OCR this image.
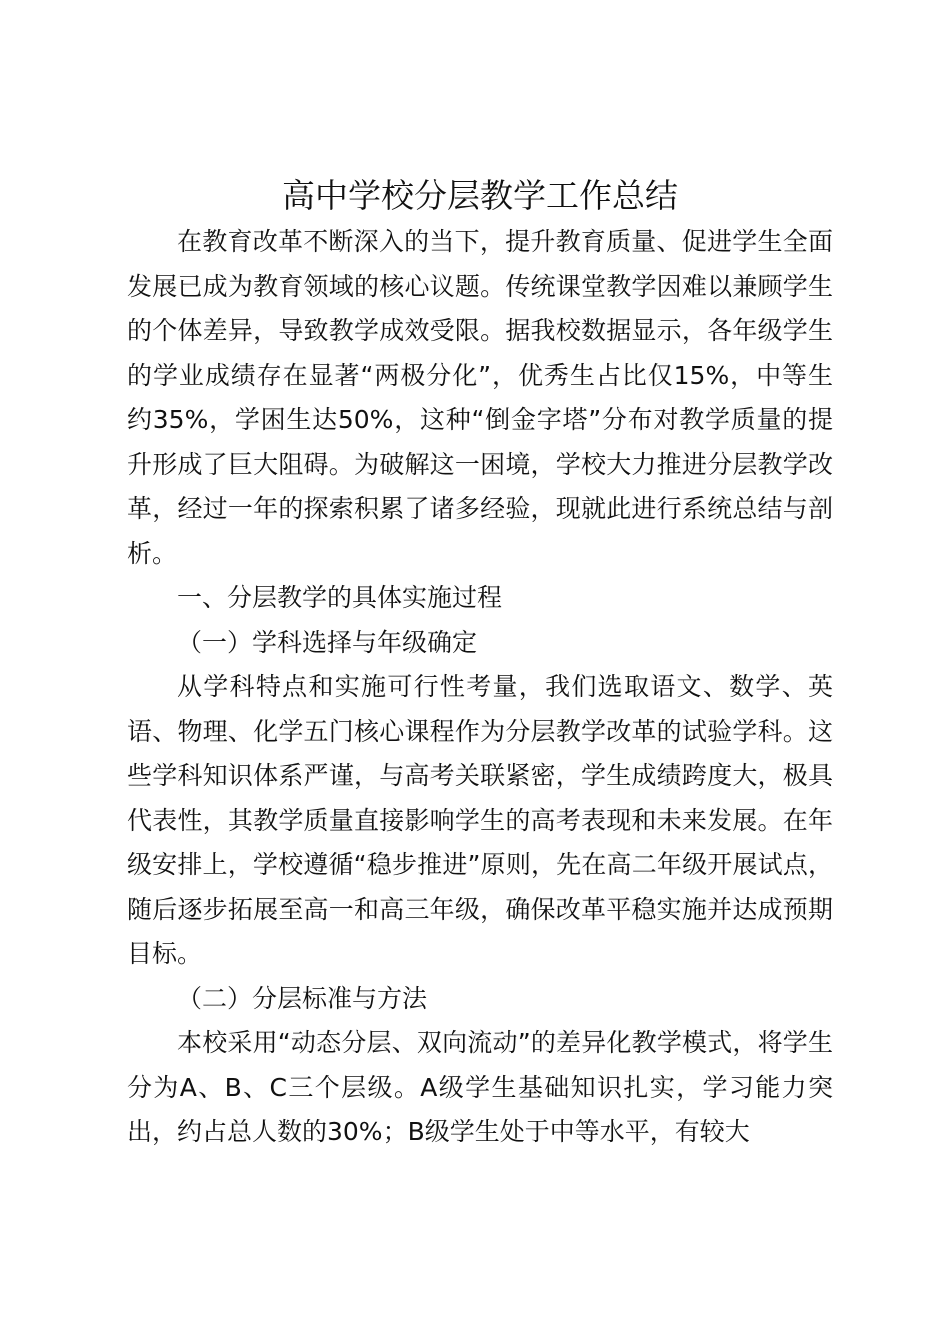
高中学校分层教学工作总结

在教育改革不断深入的当下，提升教育质量、促进学生全面发展已成为教育领域的核心议题。传统课堂教学因难以兼顾学生的个体差异，导致教学成效受限。据我校数据显示，各年级学生的学业成绩存在显著“两极分化”，优秀生占比仅15%，中等生约35%，学困生达50%，这种“倒金字塔”分布对教学质量的提升形成了巨大阻碍。为破解这一困境，学校大力推进分层教学改革，经过一年的探索积累了诸多经验，现就此进行系统总结与剖析。

一、分层教学的具体实施过程

（一）学科选择与年级确定

从学科特点和实施可行性考量，我们选取语文、数学、英语、物理、化学五门核心课程作为分层教学改革的试验学科。这些学科知识体系严谨，与高考关联紧密，学生成绩跨度大，极具代表性，其教学质量直接影响学生的高考表现和未来发展。在年级安排上，学校遵循“稳步推进”原则，先在高二年级开展试点，随后逐步拓展至高一和高三年级，确保改革平稳实施并达成预期目标。

（二）分层标准与方法

本校采用“动态分层、双向流动”的差异化教学模式，将学生分为A、B、C三个层级。A级学生基础知识扎实，学习能力突出，约占总人数的30%；B级学生处于中等水平，有较大
